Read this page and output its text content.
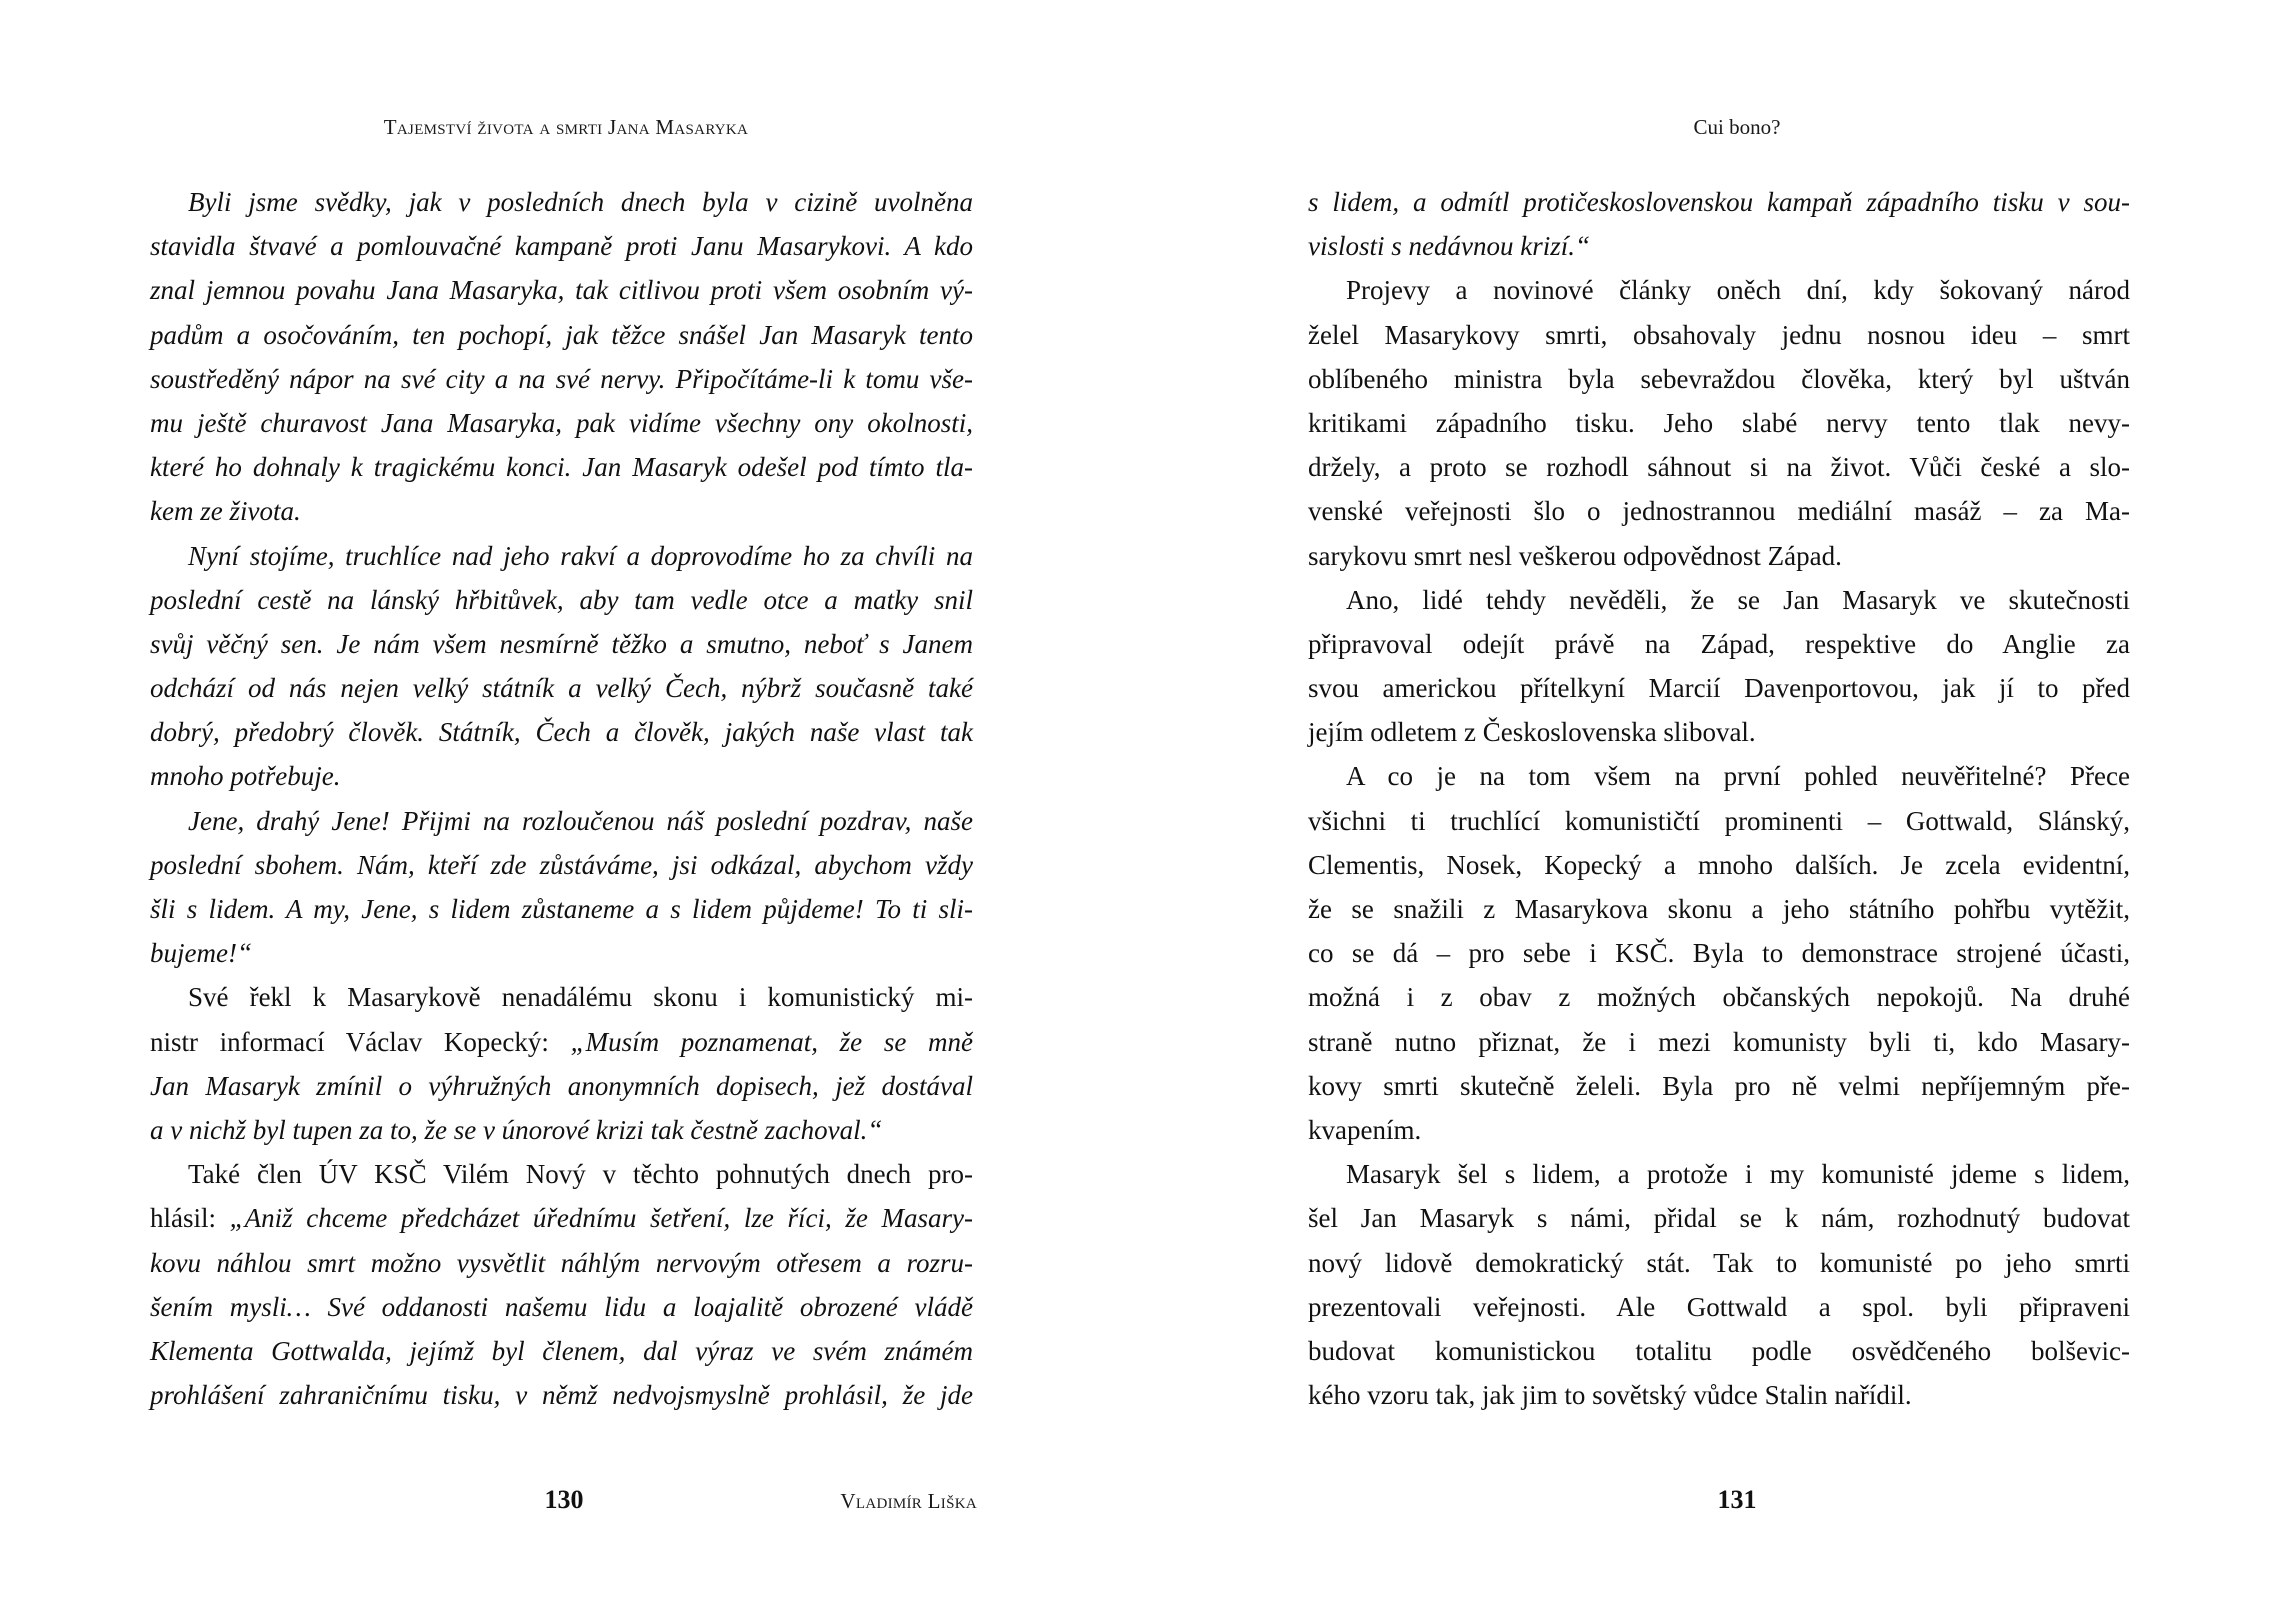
Tajemství života a smrti Jana Masaryka
Byli jsme svědky, jak v posledních dnech byla v cizině uvolněna
stavidla štvavé a pomlouvačné kampaně proti Janu Masarykovi. A kdo
znal jemnou povahu Jana Masaryka, tak citlivou proti všem osobním vý-
padům a osočováním, ten pochopí, jak těžce snášel Jan Masaryk tento
soustředěný nápor na své city a na své nervy. Připočítáme-li k tomu vše-
mu ještě churavost Jana Masaryka, pak vidíme všechny ony okolnosti,
které ho dohnaly k tragickému konci. Jan Masaryk odešel pod tímto tla-
kem ze života.
Nyní stojíme, truchlíce nad jeho rakví a doprovodíme ho za chvíli na
poslední cestě na lánský hřbitůvek, aby tam vedle otce a matky snil
svůj věčný sen. Je nám všem nesmírně těžko a smutno, neboť s Janem
odchází od nás nejen velký státník a velký Čech, nýbrž současně také
dobrý, předobrý člověk. Státník, Čech a člověk, jakých naše vlast tak
mnoho potřebuje.
Jene, drahý Jene! Přijmi na rozloučenou náš poslední pozdrav, naše
poslední sbohem. Nám, kteří zde zůstáváme, jsi odkázal, abychom vždy
šli s lidem. A my, Jene, s lidem zůstaneme a s lidem půjdeme! To ti sli-
bujeme!“
Své řekl k Masarykově nenadálému skonu i komunistický mi-
nistr informací Václav Kopecký: „Musím poznamenat, že se mně
Jan Masaryk zmínil o výhružných anonymních dopisech, jež dostával
a v nichž byl tupen za to, že se v únorové krizi tak čestně zachoval.“
Také člen ÚV KSČ Vilém Nový v těchto pohnutých dnech pro-
hlásil: „Aniž chceme předcházet úřednímu šetření, lze říci, že Masary-
kovu náhlou smrt možno vysvětlit náhlým nervovým otřesem a rozru-
šením mysli… Své oddanosti našemu lidu a loajalitě obrozené vládě
Klementa Gottwalda, jejímž byl členem, dal výraz ve svém známém
prohlášení zahraničnímu tisku, v němž nedvojsmyslně prohlásil, že jde
130	Vladimír Liška
Cui bono?
s lidem, a odmítl protičeskoslovenskou kampaň západního tisku v sou-
vislosti s nedávnou krizí.“
Projevy a novinové články oněch dní, kdy šokovaný národ
želel Masarykovy smrti, obsahovaly jednu nosnou ideu – smrt
oblíbeného ministra byla sebevraždou člověka, který byl uštván
kritikami západního tisku. Jeho slabé nervy tento tlak nevy-
držely, a proto se rozhodl sáhnout si na život. Vůči české a slo-
venské veřejnosti šlo o jednostrannou mediální masáž – za Ma-
sarykovu smrt nesl veškerou odpovědnost Západ.
Ano, lidé tehdy nevěděli, že se Jan Masaryk ve skutečnosti
připravoval odejít právě na Západ, respektive do Anglie za
svou americkou přítelkyní Marcií Davenportovou, jak jí to před
jejím odletem z Československa sliboval.
A co je na tom všem na první pohled neuvěřitelné? Přece
všichni ti truchlící komunističtí prominenti – Gottwald, Slánský,
Clementis, Nosek, Kopecký a mnoho dalších. Je zcela evidentní,
že se snažili z Masarykova skonu a jeho státního pohřbu vytěžit,
co se dá – pro sebe i KSČ. Byla to demonstrace strojené účasti,
možná i z obav z možných občanských nepokojů. Na druhé
straně nutno přiznat, že i mezi komunisty byli ti, kdo Masary-
kovy smrti skutečně želeli. Byla pro ně velmi nepříjemným pře-
kvapením.
Masaryk šel s lidem, a protože i my komunisté jdeme s lidem,
šel Jan Masaryk s námi, přidal se k nám, rozhodnutý budovat
nový lidově demokratický stát. Tak to komunisté po jeho smrti
prezentovali veřejnosti. Ale Gottwald a spol. byli připraveni
budovat komunistickou totalitu podle osvědčeného bolševic-
kého vzoru tak, jak jim to sovětský vůdce Stalin nařídil.
131
